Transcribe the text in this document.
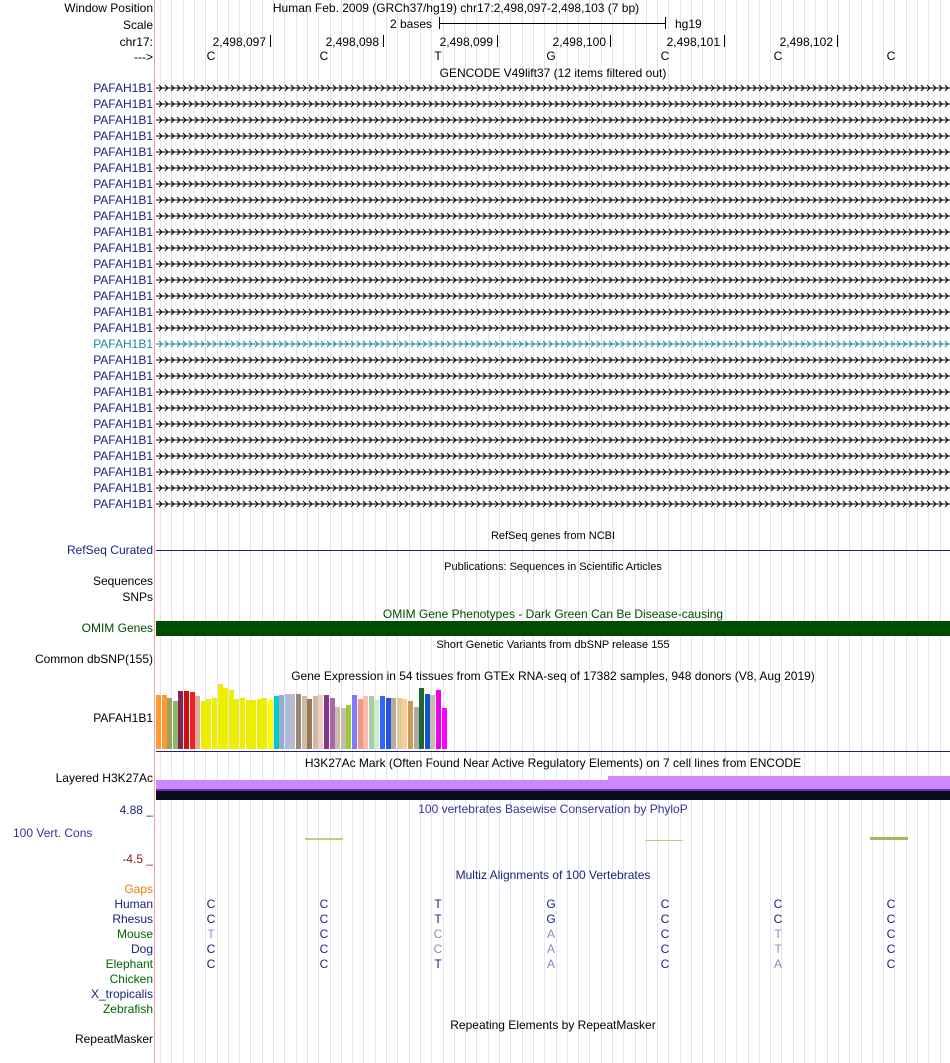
Window Position	Human Feb. 2009 (GRCh37/hg19) chr17:2,498,097-2,498,103 (7 bp)
Scale	2 bases	hg19
chr17:	2,498,097	2,498,098	2,498,099	2,498,100	2,498,101	2,498,102
--->	C	C	T	G	C	C	C
GENCODE V49lift37 (12 items filtered out)
PAFAH1B1
PAFAH1B1
PAFAH1B1
PAFAH1B1
PAFAH1B1
PAFAH1B1
PAFAH1B1
PAFAH1B1
PAFAH1B1
PAFAH1B1
PAFAH1B1
PAFAH1B1
PAFAH1B1
PAFAH1B1
PAFAH1B1
PAFAH1B1
PAFAH1B1
PAFAH1B1
PAFAH1B1
PAFAH1B1
PAFAH1B1
PAFAH1B1
PAFAH1B1
PAFAH1B1
PAFAH1B1
PAFAH1B1
PAFAH1B1
RefSeq genes from NCBI
RefSeq Curated
Publications: Sequences in Scientific Articles
Sequences
SNPs
OMIM Gene Phenotypes - Dark Green Can Be Disease-causing
OMIM Genes
Short Genetic Variants from dbSNP release 155
Common dbSNP(155)
Gene Expression in 54 tissues from GTEx RNA-seq of 17382 samples, 948 donors (V8, Aug 2019)
PAFAH1B1
H3K27Ac Mark (Often Found Near Active Regulatory Elements) on 7 cell lines from ENCODE
Layered H3K27Ac
4.88 _	100 vertebrates Basewise Conservation by PhyloP
100 Vert. Cons
-4.5 _
Multiz Alignments of 100 Vertebrates
Gaps
Human	C	C	T	G	C	C	C
Rhesus	C	C	T	G	C	C	C
Mouse	T	C	C	A	C	T	C
Dog	C	C	C	A	C	T	C
Elephant	C	C	T	A	C	A	C
Chicken
X_tropicalis
Zebrafish
Repeating Elements by RepeatMasker
RepeatMasker
